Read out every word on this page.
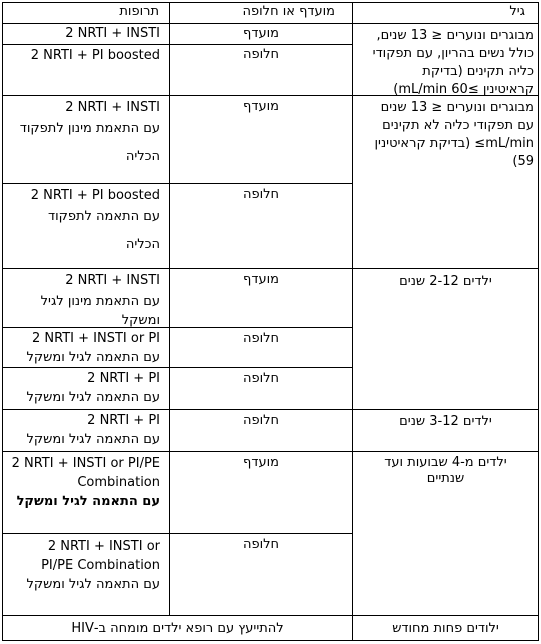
גיל
מועדף או חלופה
תרופות
מבוגרים ונוערים ≤ 13 שנים,
כולל נשים בהריון, עם תפקודי
כליה תקינים (בדיקת
קראיטינין ≥mL/min 60)
מבוגרים ונוערים ≤ 13 שנים
עם תפקודי כליה לא תקינים
mL/min≥ (בדיקת קראיטינין
59)
ילדים 2-12 שנים
ילדים 3-12 שנים
ילדים מ-4 שבועות ועד
שנתיים
ילודים פחות מחודש
מועדף
חלופה
מועדף
חלופה
מועדף
חלופה
חלופה
חלופה
מועדף
חלופה
2 NRTI + INSTI
2 NRTI + PI boosted
2 NRTI + INSTI
עם התאמת מינון לתפקוד
הכליה
2 NRTI + PI boosted
עם התאמה לתפקוד
הכליה
2 NRTI + INSTI
עם התאמת מינון לגיל
ומשקל
2 NRTI + INSTI or PI
עם התאמה לגיל ומשקל
2 NRTI + PI
עם התאמה לגיל ומשקל
2 NRTI + PI
עם התאמה לגיל ומשקל
2 NRTI + INSTI or PI/PE
Combination
עם התאמה לגיל ומשקל
2 NRTI + INSTI or
PI/PE Combination
עם התאמה לגיל ומשקל
להתייעץ עם רופא ילדים מומחה ב-HIV
